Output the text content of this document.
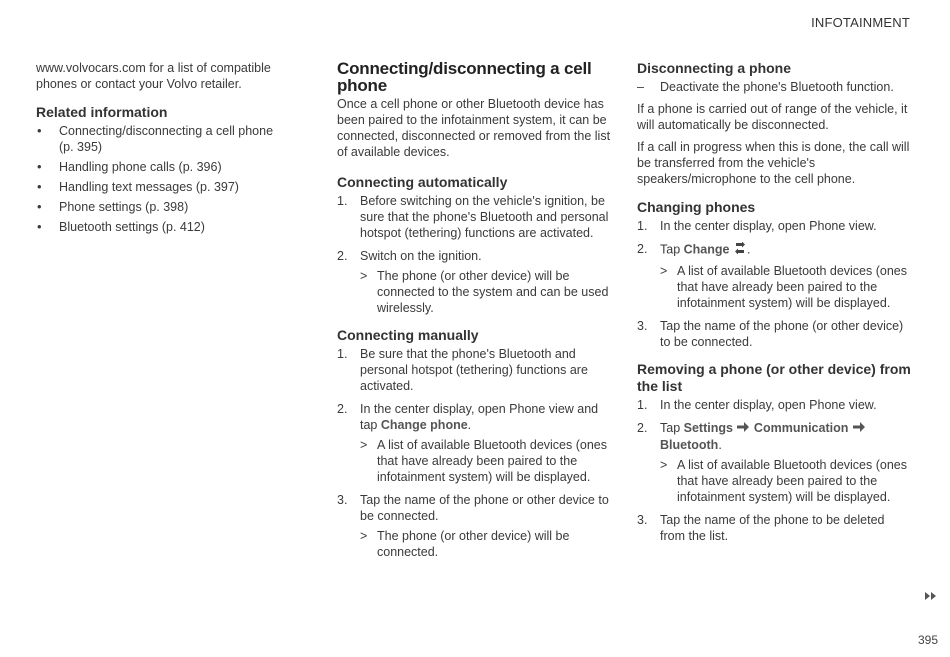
INFOTAINMENT

www.volvocars.com for a list of compatible phones or contact your Volvo retailer.

Related information
• Connecting/disconnecting a cell phone (p. 395)
• Handling phone calls (p. 396)
• Handling text messages (p. 397)
• Phone settings (p. 398)
• Bluetooth settings (p. 412)
Connecting/disconnecting a cell phone

Once a cell phone or other Bluetooth device has been paired to the infotainment system, it can be connected, disconnected or removed from the list of available devices.

Connecting automatically
1. Before switching on the vehicle's ignition, be sure that the phone's Bluetooth and personal hotspot (tethering) functions are activated.
2. Switch on the ignition.
> The phone (or other device) will be connected to the system and can be used wirelessly.
Connecting manually
1. Be sure that the phone's Bluetooth and personal hotspot (tethering) functions are activated.
2. In the center display, open Phone view and tap Change phone.
> A list of available Bluetooth devices (ones that have already been paired to the infotainment system) will be displayed.
3. Tap the name of the phone or other device to be connected.
> The phone (or other device) will be connected.
Disconnecting a phone
– Deactivate the phone's Bluetooth function.

If a phone is carried out of range of the vehicle, it will automatically be disconnected.

If a call in progress when this is done, the call will be transferred from the vehicle's speakers/microphone to the cell phone.

Changing phones
1. In the center display, open Phone view.
2. Tap Change .
> A list of available Bluetooth devices (ones that have already been paired to the infotainment system) will be displayed.
3. Tap the name of the phone (or other device) to be connected.
Removing a phone (or other device) from the list
1. In the center display, open Phone view.
2. Tap Settings Communication  Bluetooth.
> A list of available Bluetooth devices (ones that have already been paired to the infotainment system) will be displayed.
3. Tap the name of the phone to be deleted from the list.
395
